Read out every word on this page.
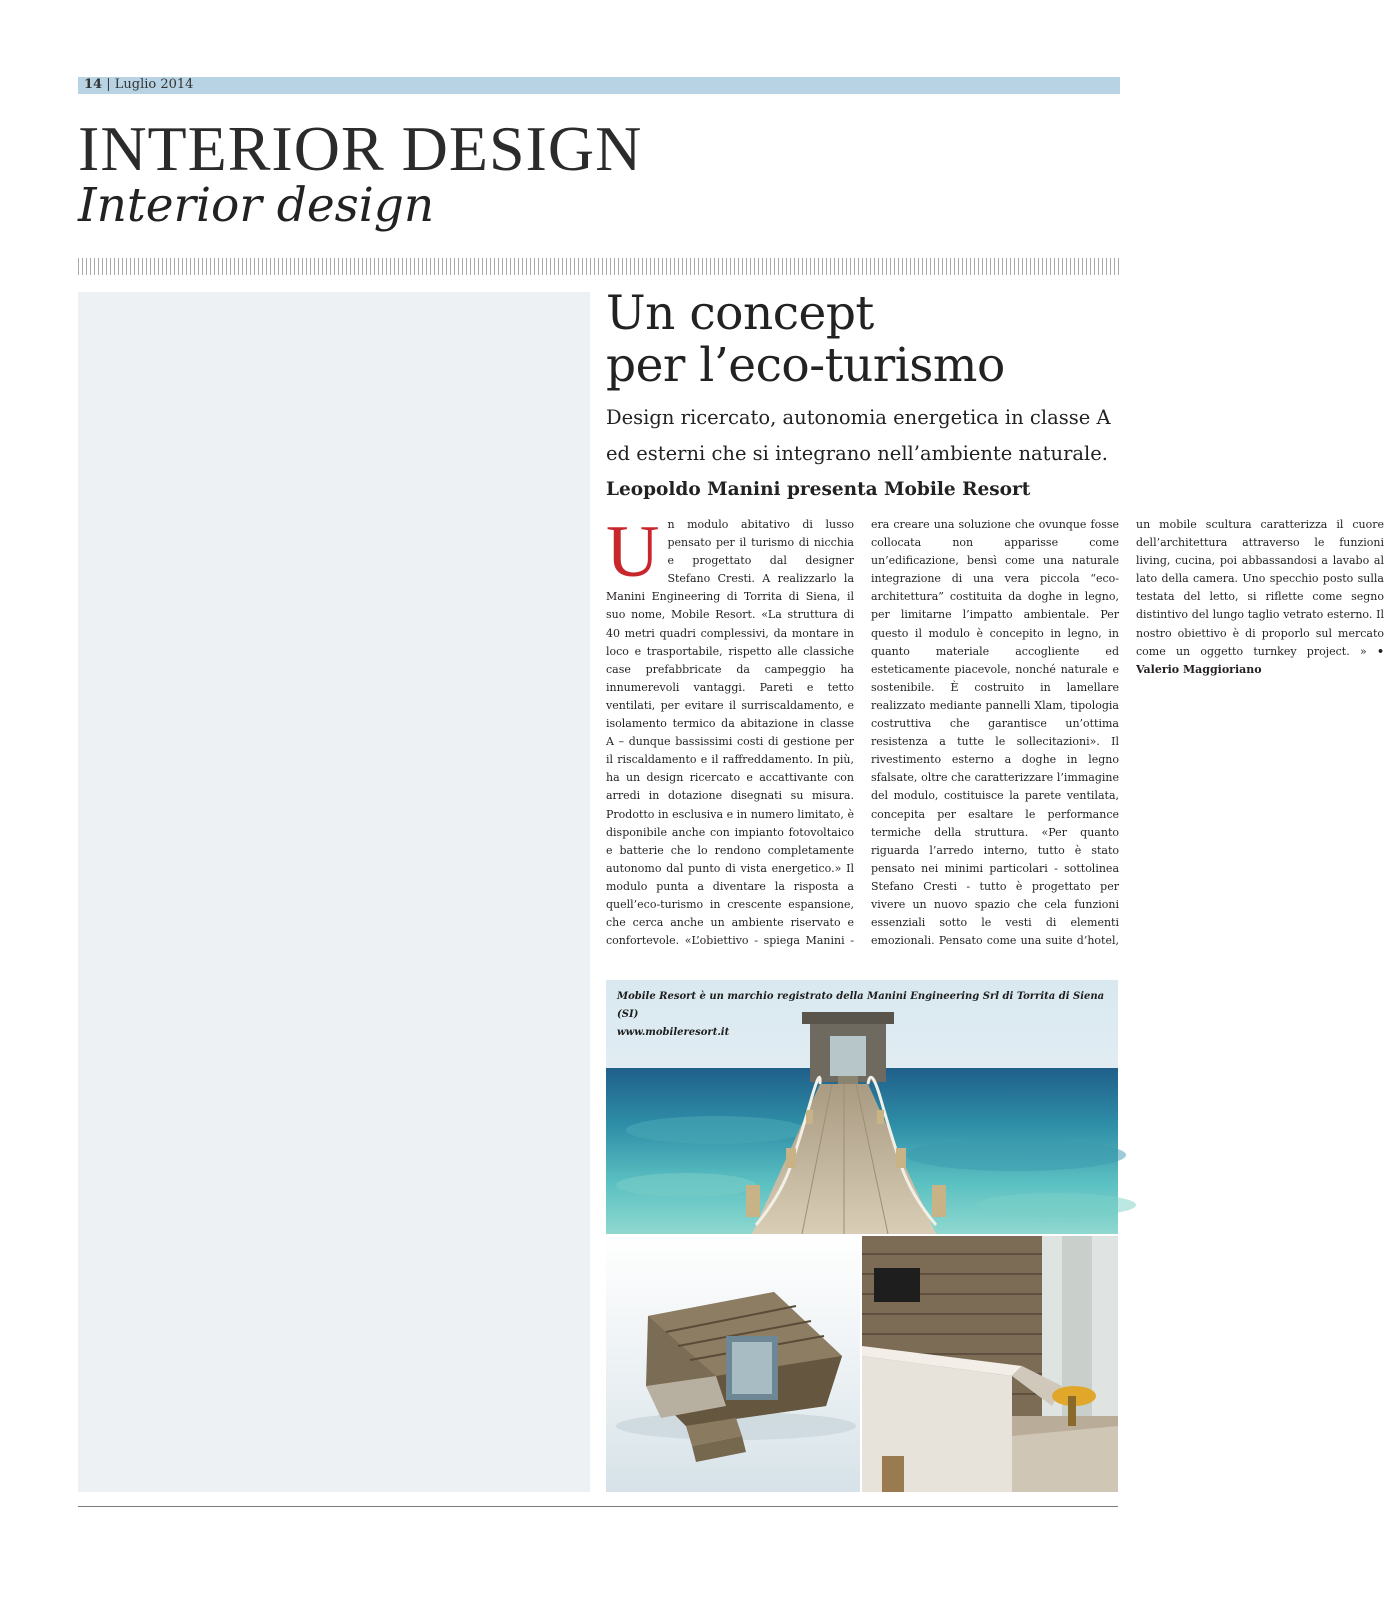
14 | Luglio 2014
INTERIOR DESIGN
Interior design
Un concept
per l’eco-turismo
Design ricercato, autonomia energetica in classe A
ed esterni che si integrano nell’ambiente naturale.
Leopoldo Manini presenta Mobile Resort

Un modulo abitativo di lusso pensato per il turismo di nicchia e progettato dal designer Stefano Cresti. A realizzarlo la Manini Engineering di Torrita di Siena, il suo nome, Mobile Resort. «La struttura di 40 metri quadri complessivi, da montare in loco e trasportabile, rispetto alle classiche case prefabbricate da campeggio ha innumerevoli vantaggi. Pareti e tetto ventilati, per evitare il surriscaldamento, e isolamento termico da abitazione in classe A – dunque bassissimi costi di gestione per il riscaldamento e il raffreddamento. In più, ha un design ricercato e accattivante con arredi in dotazione disegnati su misura. Prodotto in esclusiva e in numero limitato, è disponibile anche con impianto fotovoltaico e batterie che lo rendono completamente autonomo dal punto di vista energetico.» Il modulo punta a diventare la risposta a quell’eco-turismo in crescente espansione, che cerca anche un ambiente riservato e confortevole. «L’obiettivo - spiega Manini - era creare una soluzione che ovunque fosse collocata non apparisse come un’edificazione, bensì come una naturale integrazione di una vera piccola “eco-architettura” costituita da doghe in legno, per limitarne l’impatto ambientale. Per questo il modulo è concepito in legno, in quanto materiale accogliente ed esteticamente piacevole, nonché naturale e sostenibile. È costruito in lamellare realizzato mediante pannelli Xlam, tipologia costruttiva che garantisce un’ottima resistenza a tutte le sollecitazioni». Il rivestimento esterno a doghe in legno sfalsate, oltre che caratterizzare l’immagine del modulo, costituisce la parete ventilata, concepita per esaltare le performance termiche della struttura. «Per quanto riguarda l’arredo interno, tutto è stato pensato nei minimi particolari - sottolinea Stefano Cresti - tutto è progettato per vivere un nuovo spazio che cela funzioni essenziali sotto le vesti di elementi emozionali. Pensato come una suite d’hotel, un mobile scultura caratterizza il cuore dell’architettura attraverso le funzioni living, cucina, poi abbassandosi a lavabo al lato della camera. Uno specchio posto sulla testata del letto, si riflette come segno distintivo del lungo taglio vetrato esterno. Il nostro obiettivo è di proporlo sul mercato come un oggetto turnkey project. » • Valerio Maggioriano

Mobile Resort è un marchio registrato della Manini Engineering Srl di Torrita di Siena (SI)
www.mobileresort.it
